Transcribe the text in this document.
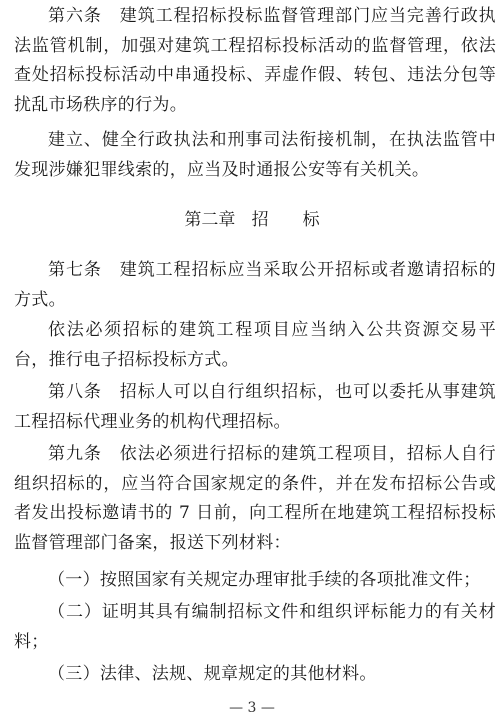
第六条　 建筑工程招标投标监督管理部门应当完善行政执法监管机制，加强对建筑工程招标投标活动的监督管理，依法查处招标投标活动中串通投标、弄虚作假、转包、违法分包等扰乱市场秩序的行为。

建立、健全行政执法和刑事司法衔接机制，在执法监管中发现涉嫌犯罪线索的，应当及时通报公安等有关机关。

第二章 招　　标

第七条　 建筑工程招标应当采取公开招标或者邀请招标的方式。

依法必须招标的建筑工程项目应当纳入公共资源交易平台，推行电子招标投标方式。

第八条　 招标人可以自行组织招标，也可以委托从事建筑工程招标代理业务的机构代理招标。

第九条　 依法必须进行招标的建筑工程项目，招标人自行组织招标的，应当符合国家规定的条件，并在发布招标公告或者发出投标邀请书的 7 日前，向工程所在地建筑工程招标投标监督管理部门备案，报送下列材料：

（一）按照国家有关规定办理审批手续的各项批准文件；

（二）证明其具有编制招标文件和组织评标能力的有关材料；

（三）法律、法规、规章规定的其他材料。

— 3 —
